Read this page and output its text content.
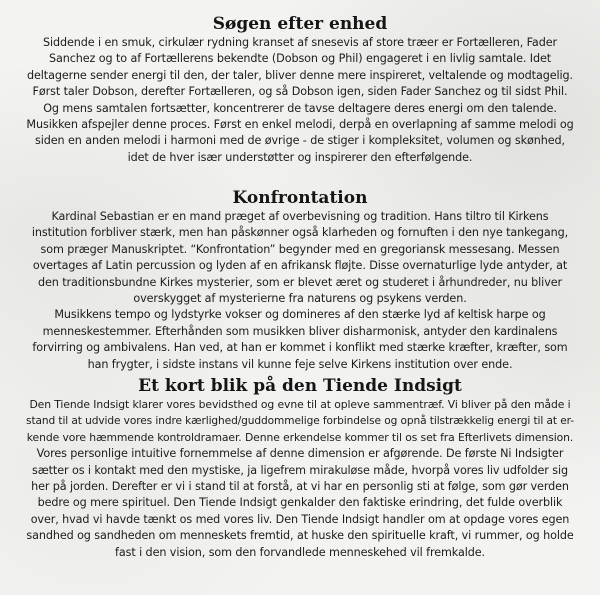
Søgen efter enhed

Siddende i en smuk, cirkulær rydning kranset af snesevis af store træer er Fortælleren, Fader
Sanchez og to af Fortællerens bekendte (Dobson og Phil) engageret i en livlig samtale. Idet
deltagerne sender energi til den, der taler, bliver denne mere inspireret, veltalende og modtagelig.
Først taler Dobson, derefter Fortælleren, og så Dobson igen, siden Fader Sanchez og til sidst Phil.
Og mens samtalen fortsætter, koncentrerer de tavse deltagere deres energi om den talende.
Musikken afspejler denne proces. Først en enkel melodi, derpå en overlapning af samme melodi og
siden en anden melodi i harmoni med de øvrige - de stiger i kompleksitet, volumen og skønhed,
idet de hver især understøtter og inspirerer den efterfølgende.

Konfrontation

Kardinal Sebastian er en mand præget af overbevisning og tradition. Hans tiltro til Kirkens
institution forbliver stærk, men han påskønner også klarheden og fornuften i den nye tankegang,
som præger Manuskriptet. “Konfrontation” begynder med en gregoriansk messesang. Messen
overtages af Latin percussion og lyden af en afrikansk fløjte. Disse overnaturlige lyde antyder, at
den traditionsbundne Kirkes mysterier, som er blevet æret og studeret i århundreder, nu bliver
overskygget af mysterierne fra naturens og psykens verden.

Musikkens tempo og lydstyrke vokser og domineres af den stærke lyd af keltisk harpe og
menneskestemmer. Efterhånden som musikken bliver disharmonisk, antyder den kardinalens
forvirring og ambivalens. Han ved, at han er kommet i konflikt med stærke kræfter, kræfter, som
han frygter, i sidste instans vil kunne feje selve Kirkens institution over ende.

Et kort blik på den Tiende Indsigt

Den Tiende Indsigt klarer vores bevidsthed og evne til at opleve sammentræf. Vi bliver på den måde i
stand til at udvide vores indre kærlighed/guddommelige forbindelse og opnå tilstrækkelig energi til at er-
kende vore hæmmende kontroldramaer. Denne erkendelse kommer til os set fra Efterlivets dimension.
Vores personlige intuitive fornemmelse af denne dimension er afgørende. De første Ni Indsigter
sætter os i kontakt med den mystiske, ja ligefrem mirakuløse måde, hvorpå vores liv udfolder sig
her på jorden. Derefter er vi i stand til at forstå, at vi har en personlig sti at følge, som gør verden
bedre og mere spirituel. Den Tiende Indsigt genkalder den faktiske erindring, det fulde overblik
over, hvad vi havde tænkt os med vores liv. Den Tiende Indsigt handler om at opdage vores egen
sandhed og sandheden om menneskets fremtid, at huske den spirituelle kraft, vi rummer, og holde
fast i den vision, som den forvandlede menneskehed vil fremkalde.
